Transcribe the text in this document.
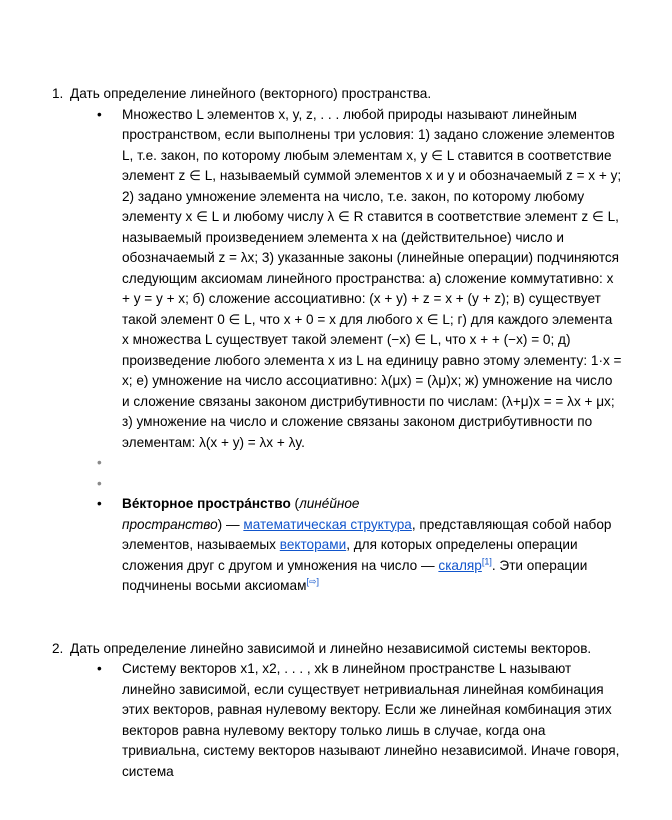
1. Дать определение линейного (векторного) пространства.
•	Множество L элементов x, y, z, . . . любой природы называют линейным пространством, если выполнены три условия: 1) задано сложение элементов L, т.е. закон, по которому любым элементам x, y ∈ L ставится в соответствие элемент z ∈ L, называемый суммой элементов x и y и обозначаемый z = x + y; 2) задано умножение элемента на число, т.е. закон, по которому любому элементу x ∈ L и любому числу λ ∈ R ставится в соответствие элемент z ∈ L, называемый произведением элемента x на (действительное) число и обозначаемый z = λx; 3) указанные законы (линейные операции) подчиняются следующим аксиомам линейного пространства: а) сложение коммутативно: x + y = y + x; б) сложение ассоциативно: (x + y) + z = x + (y + z); в) существует такой элемент 0 ∈ L, что x + 0 = x для любого x ∈ L; г) для каждого элемента x множества L существует такой элемент (−x) ∈ L, что x + + (−x) = 0; д) произведение любого элемента x из L на единицу равно этому элементу: 1·x = x; е) умножение на число ассоциативно: λ(μx) = (λμ)x; ж) умножение на число и сложение связаны законом дистрибутивности по числам: (λ+μ)x = = λx + μx; з) умножение на число и сложение связаны законом дистрибутивности по элементам: λ(x + y) = λx + λy.
•
•
•	Ве́кторное простра́нство (лине́йное
пространство) — математическая структура, представляющая собой набор элементов, называемых векторами, для которых определены операции сложения друг с другом и умножения на число — скаляр[1]. Эти операции подчинены восьми аксиомам[⇨]
2. Дать определение линейно зависимой и линейно независимой системы векторов.
•	Систему векторов x1, x2, . . . , xk в линейном пространстве L называют линейно зависимой, если существует нетривиальная линейная комбинация этих векторов, равная нулевому вектору. Если же линейная комбинация этих векторов равна нулевому вектору только лишь в случае, когда она тривиальна, систему векторов называют линейно независимой. Иначе говоря, система
